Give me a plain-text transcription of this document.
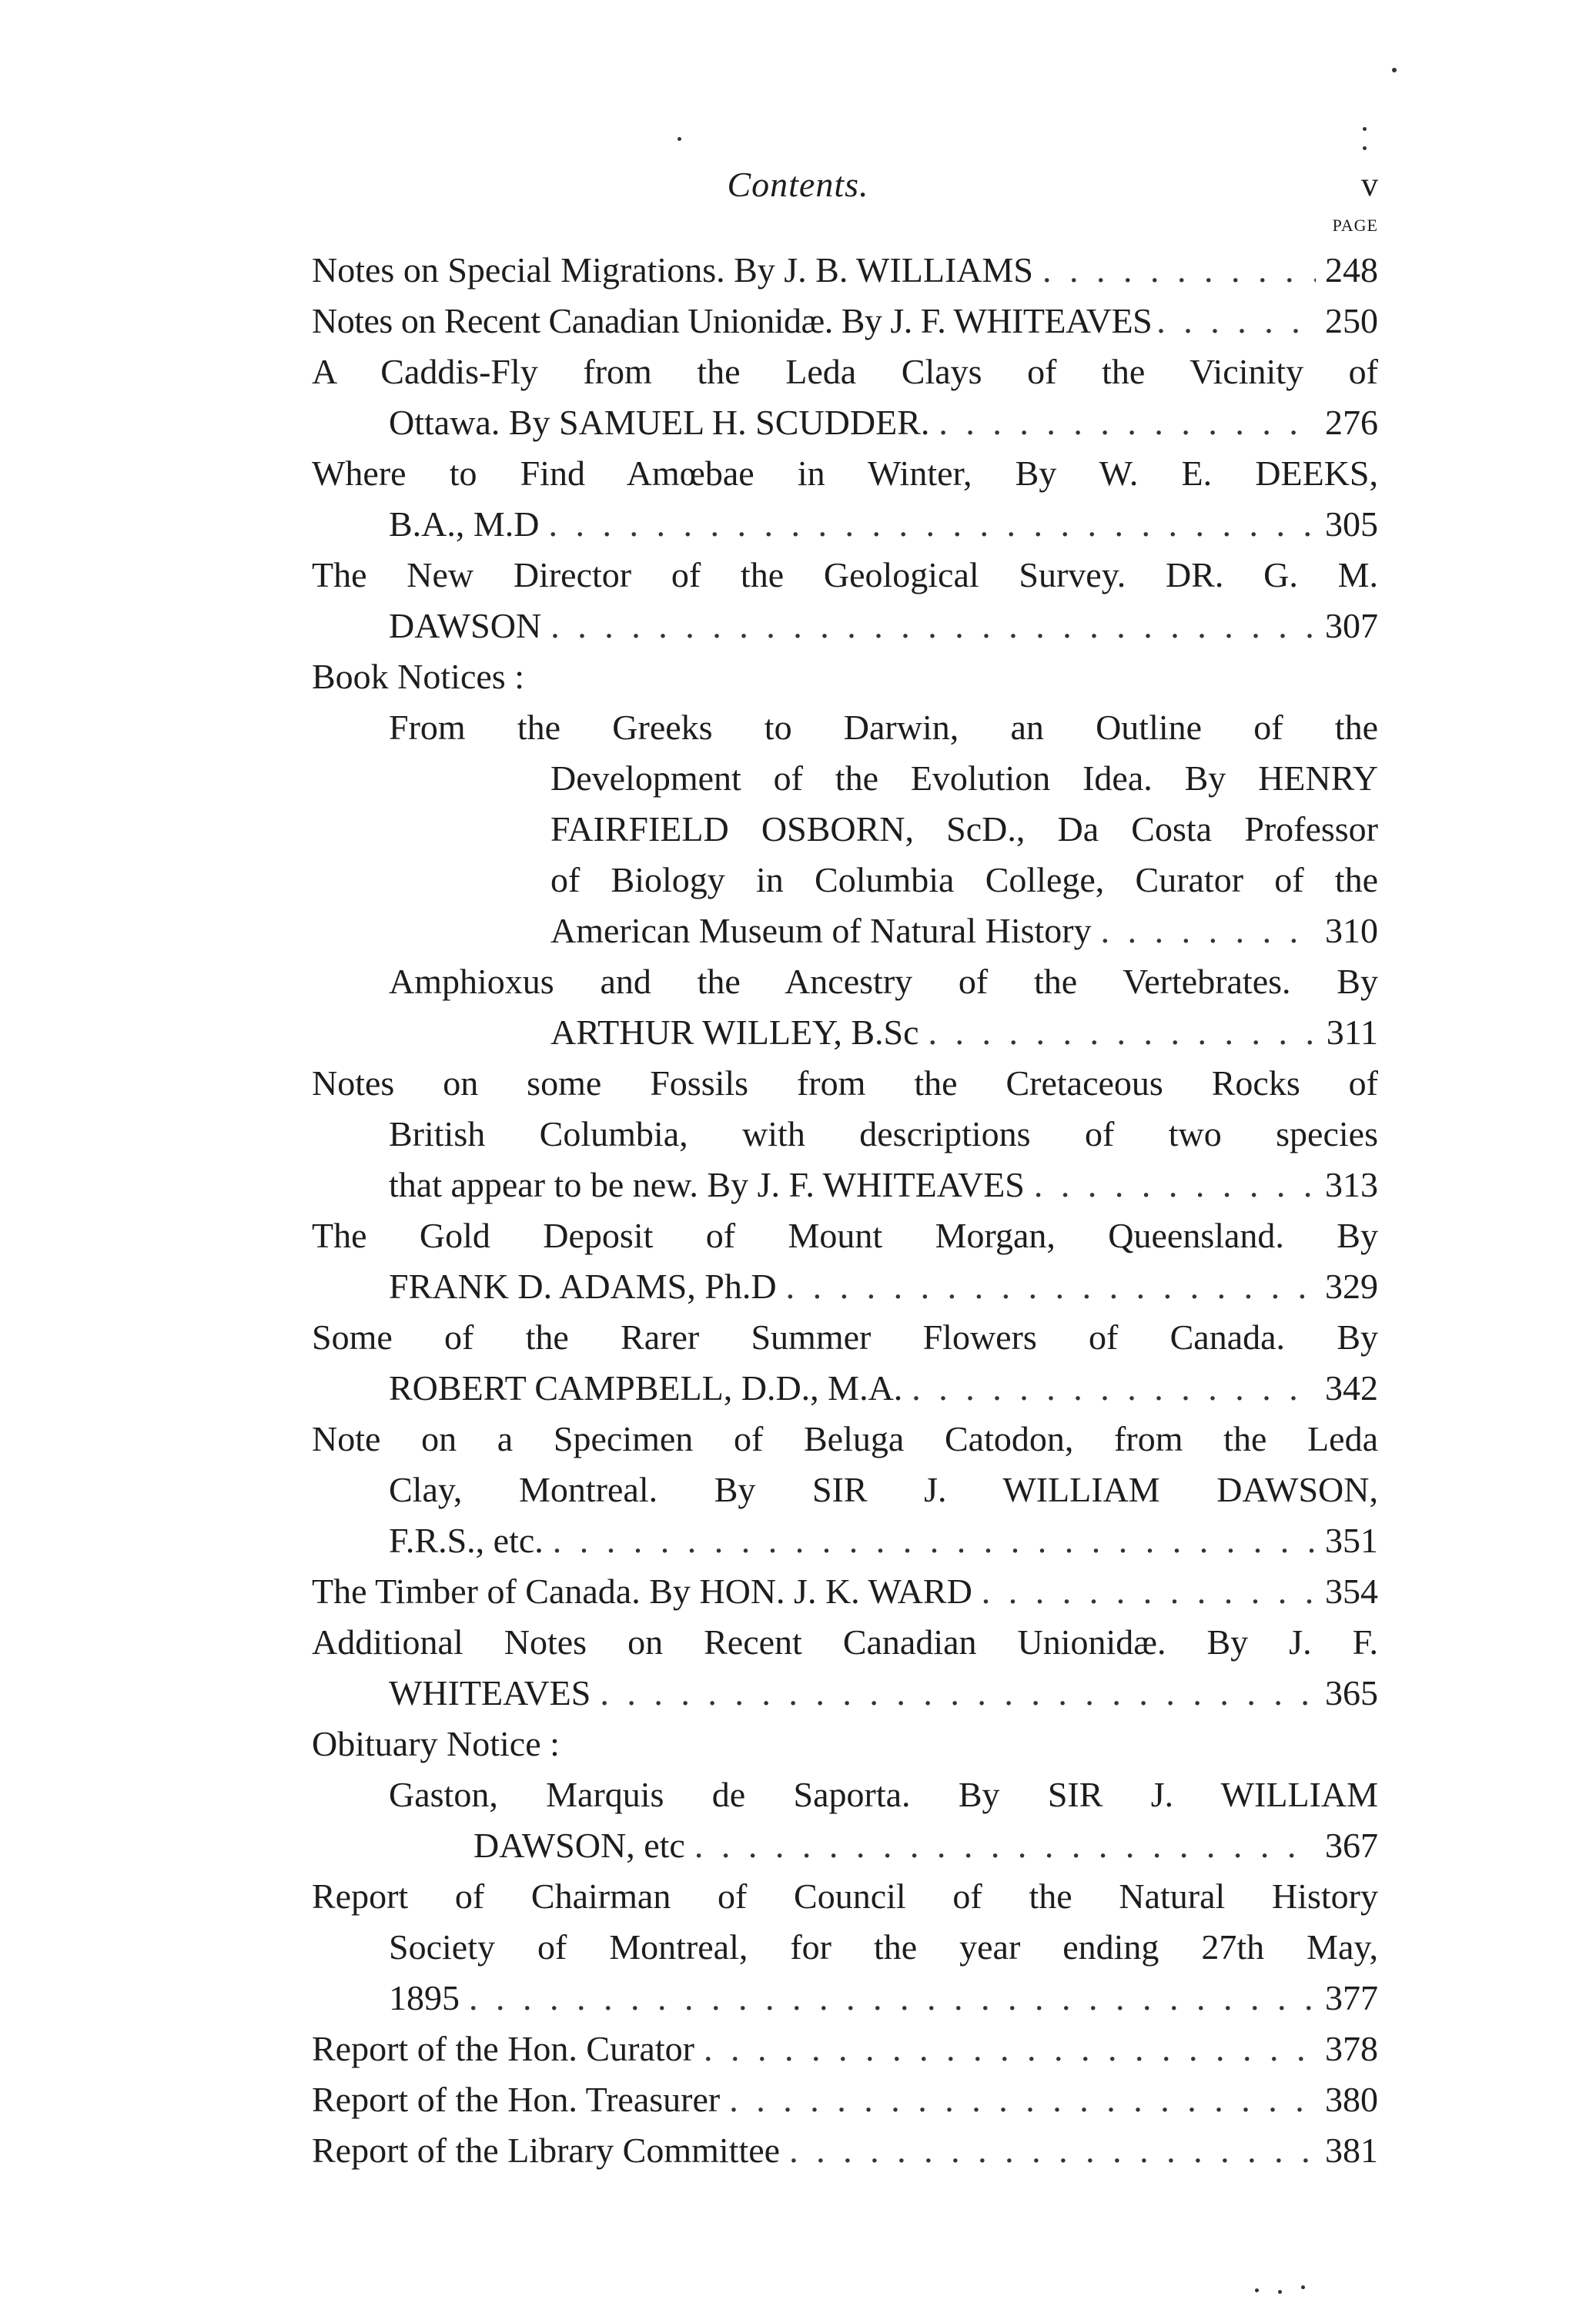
Contents.	v
PAGE
Notes on Special Migrations. By J. B. WILLIAMS . . .	248
Notes on Recent Canadian Unionidæ. By J. F. WHITEAVES . . .	250
A Caddis-Fly from the Leda Clays of the Vicinity of
Ottawa. By SAMUEL H. SCUDDER. . . .	276
Where to Find Amœbae in Winter, By W. E. DEEKS,
B.A., M.D . . .	305
The New Director of the Geological Survey. DR. G. M.
DAWSON . . .	307
Book Notices :
From the Greeks to Darwin, an Outline of the
Development of the Evolution Idea. By HENRY
FAIRFIELD OSBORN, ScD., Da Costa Professor
of Biology in Columbia College, Curator of the
American Museum of Natural History . . .	310
Amphioxus and the Ancestry of the Vertebrates. By
ARTHUR WILLEY, B.Sc . . .	311
Notes on some Fossils from the Cretaceous Rocks of
British Columbia, with descriptions of two species
that appear to be new. By J. F. WHITEAVES . . .	313
The Gold Deposit of Mount Morgan, Queensland. By
FRANK D. ADAMS, Ph.D . . .	329
Some of the Rarer Summer Flowers of Canada. By
ROBERT CAMPBELL, D.D., M.A. . . .	342
Note on a Specimen of Beluga Catodon, from the Leda
Clay, Montreal. By SIR J. WILLIAM DAWSON,
F.R.S., etc. . . .	351
The Timber of Canada. By HON. J. K. WARD . . .	354
Additional Notes on Recent Canadian Unionidæ. By J. F.
WHITEAVES . . .	365
Obituary Notice :
Gaston, Marquis de Saporta. By SIR J. WILLIAM
DAWSON, etc . . .	367
Report of Chairman of Council of the Natural History
Society of Montreal, for the year ending 27th May,
1895 . . .	377
Report of the Hon. Curator . . .	378
Report of the Hon. Treasurer . . .	380
Report of the Library Committee . . .	381
